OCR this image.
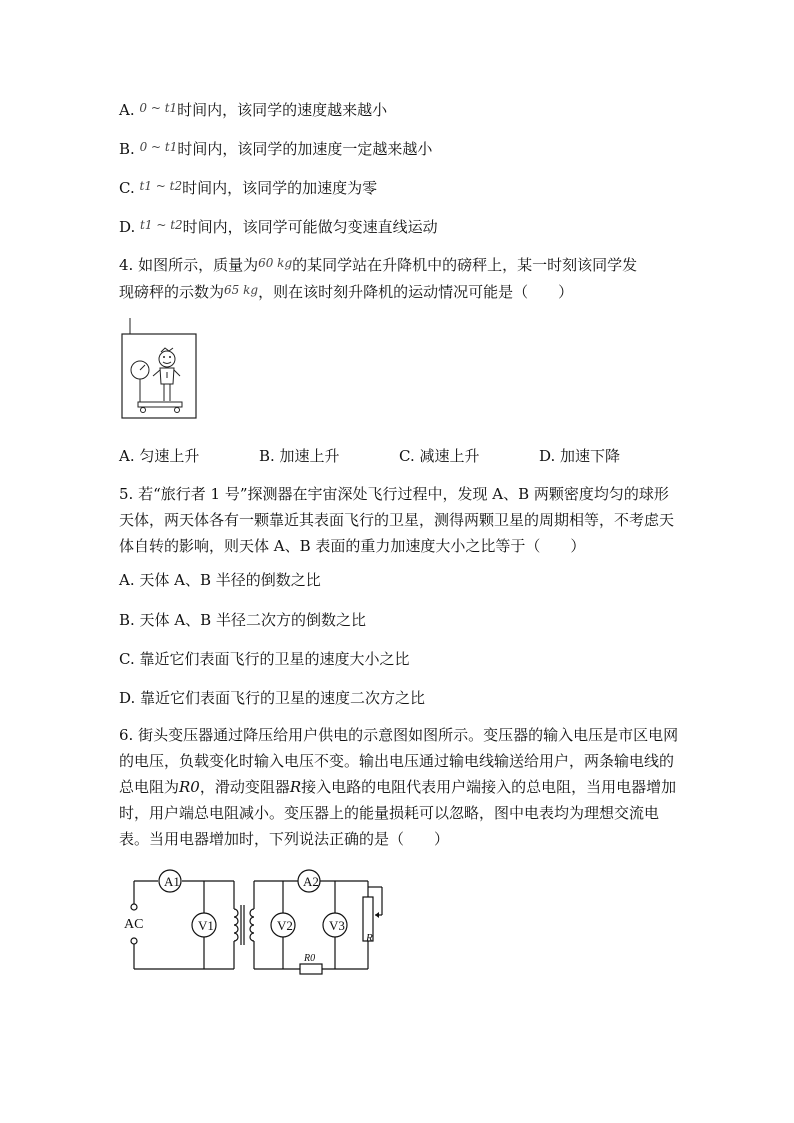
A. $^{0 \sim t1}$时间内，该同学的速度越来越小
B. $^{0 \sim t1}$时间内，该同学的加速度一定越来越小
C. $^{t1 \sim t2}$时间内，该同学的加速度为零
D. $^{t1 \sim t2}$时间内，该同学可能做匀变速直线运动
4. 如图所示，质量为$^{60 kg}$的某同学站在升降机中的磅秤上，某一时刻该同学发
现磅秤的示数为$^{65 kg}$，则在该时刻升降机的运动情况可能是（　　）
A. 匀速上升	B. 加速上升	C. 减速上升	D. 加速下降
5. 若“旅行者 1 号”探测器在宇宙深处飞行过程中，发现 A、B 两颗密度均匀的球形天体，两天体各有一颗靠近其表面飞行的卫星，测得两颗卫星的周期相等，不考虑天体自转的影响，则天体 A、B 表面的重力加速度大小之比等于（　　）
A. 天体 A、B 半径的倒数之比
B. 天体 A、B 半径二次方的倒数之比
C. 靠近它们表面飞行的卫星的速度大小之比
D. 靠近它们表面飞行的卫星的速度二次方之比
6. 街头变压器通过降压给用户供电的示意图如图所示。变压器的输入电压是市区电网的电压，负载变化时输入电压不变。输出电压通过输电线输送给用户，两条输电线的总电阻为R0，滑动变阻器R接入电路的电阻代表用户端接入的总电阻，当用电器增加时，用户端总电阻减小。变压器上的能量损耗可以忽略，图中电表均为理想交流电表。当用电器增加时，下列说法正确的是（　　）
AC
A1
V1	V2
A2
V3
R
R0
